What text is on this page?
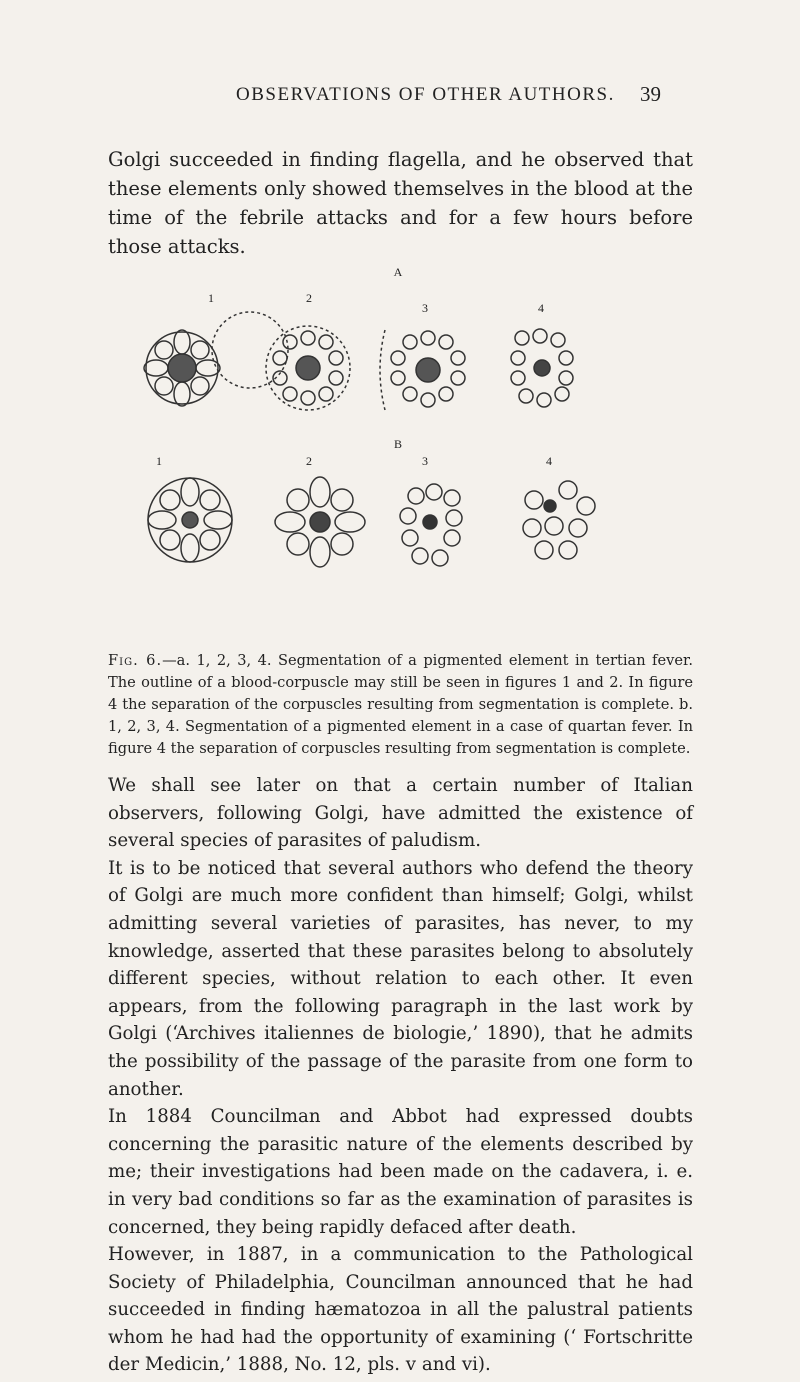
OBSERVATIONS OF OTHER AUTHORS. 39
Golgi succeeded in finding flagella, and he observed that these elements only showed themselves in the blood at the time of the febrile attacks and for a few hours before those attacks.
A
1	2
3	4
B
1	2	3	4
Fig. 6.—a. 1, 2, 3, 4. Segmentation of a pigmented element in tertian fever. The outline of a blood-corpuscle may still be seen in figures 1 and 2. In figure 4 the separation of the corpuscles resulting from segmentation is complete. b. 1, 2, 3, 4. Segmentation of a pigmented element in a case of quartan fever. In figure 4 the separation of corpuscles resulting from segmentation is complete.

We shall see later on that a certain number of Italian observers, following Golgi, have admitted the existence of several species of parasites of paludism.

It is to be noticed that several authors who defend the theory of Golgi are much more confident than himself; Golgi, whilst admitting several varieties of parasites, has never, to my knowledge, asserted that these parasites belong to absolutely different species, without relation to each other. It even appears, from the following paragraph in the last work by Golgi (‘Archives italiennes de biologie,’ 1890), that he admits the possibility of the passage of the parasite from one form to another.

In 1884 Councilman and Abbot had expressed doubts concerning the parasitic nature of the elements described by me; their investigations had been made on the cadavera, i. e. in very bad conditions so far as the examination of parasites is concerned, they being rapidly defaced after death.

However, in 1887, in a communication to the Pathological Society of Philadelphia, Councilman announced that he had succeeded in finding hæmatozoa in all the palustral patients whom he had had the opportunity of examining (‘ Fortschritte der Medicin,’ 1888, No. 12, pls. v and vi).
